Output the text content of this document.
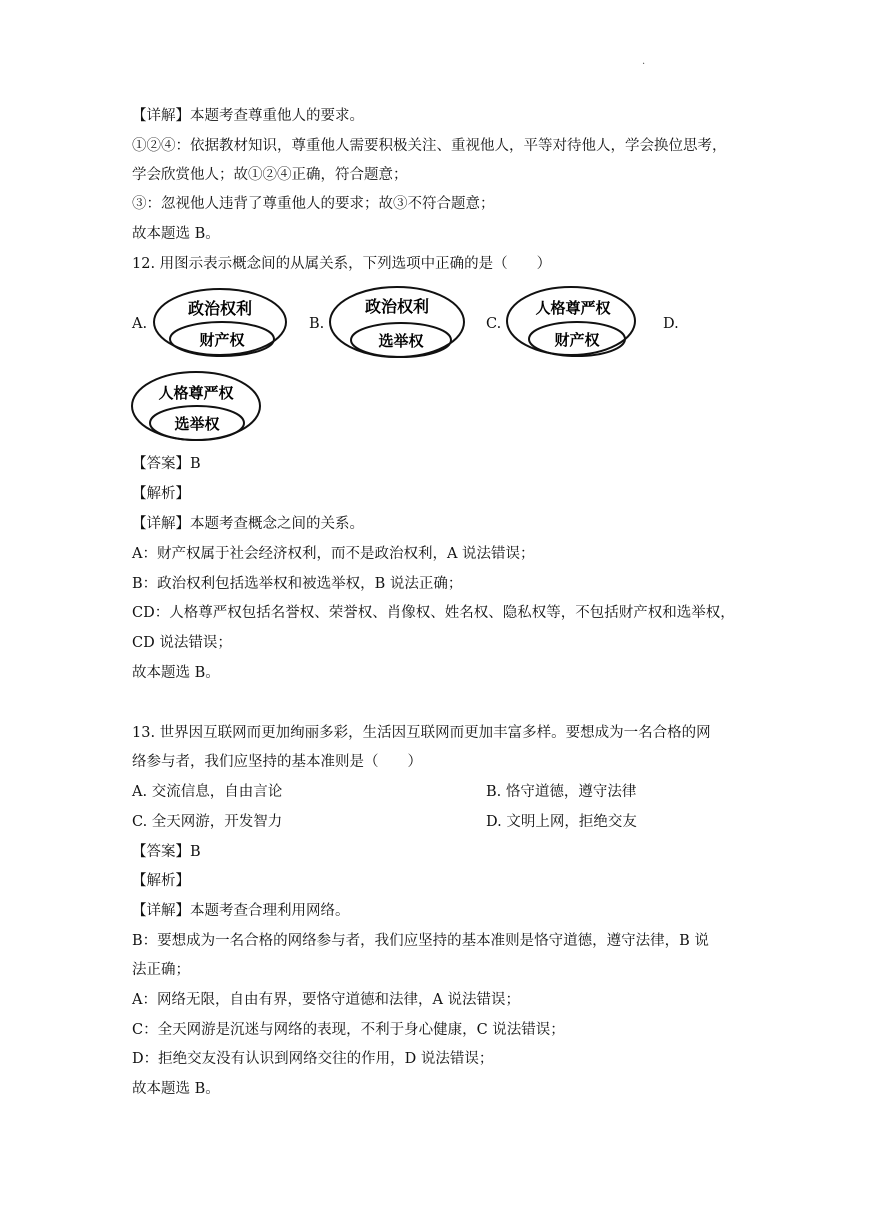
.
【详解】本题考查尊重他人的要求。
①②④：依据教材知识，尊重他人需要积极关注、重视他人，平等对待他人，学会换位思考，
学会欣赏他人；故①②④正确，符合题意；
③：忽视他人违背了尊重他人的要求；故③不符合题意；
故本题选 B。
12. 用图示表示概念间的从属关系，下列选项中正确的是（　　）
A.
政治权利
财产权
B.
政治权利
选举权
C.
人格尊严权
财产权
D.
人格尊严权
选举权
【答案】B
【解析】
【详解】本题考查概念之间的关系。
A：财产权属于社会经济权利，而不是政治权利，A 说法错误；
B：政治权利包括选举权和被选举权，B 说法正确；
CD：人格尊严权包括名誉权、荣誉权、肖像权、姓名权、隐私权等，不包括财产权和选举权，
CD 说法错误；
故本题选 B。
13. 世界因互联网而更加绚丽多彩，生活因互联网而更加丰富多样。要想成为一名合格的网
络参与者，我们应坚持的基本准则是（　　）
A. 交流信息，自由言论	B. 恪守道德，遵守法律
C. 全天网游，开发智力	D. 文明上网，拒绝交友
【答案】B
【解析】
【详解】本题考查合理利用网络。
B：要想成为一名合格的网络参与者，我们应坚持的基本准则是恪守道德，遵守法律，B 说
法正确；
A：网络无限，自由有界，要恪守道德和法律，A 说法错误；
C：全天网游是沉迷与网络的表现，不利于身心健康，C 说法错误；
D：拒绝交友没有认识到网络交往的作用，D 说法错误；
故本题选 B。
